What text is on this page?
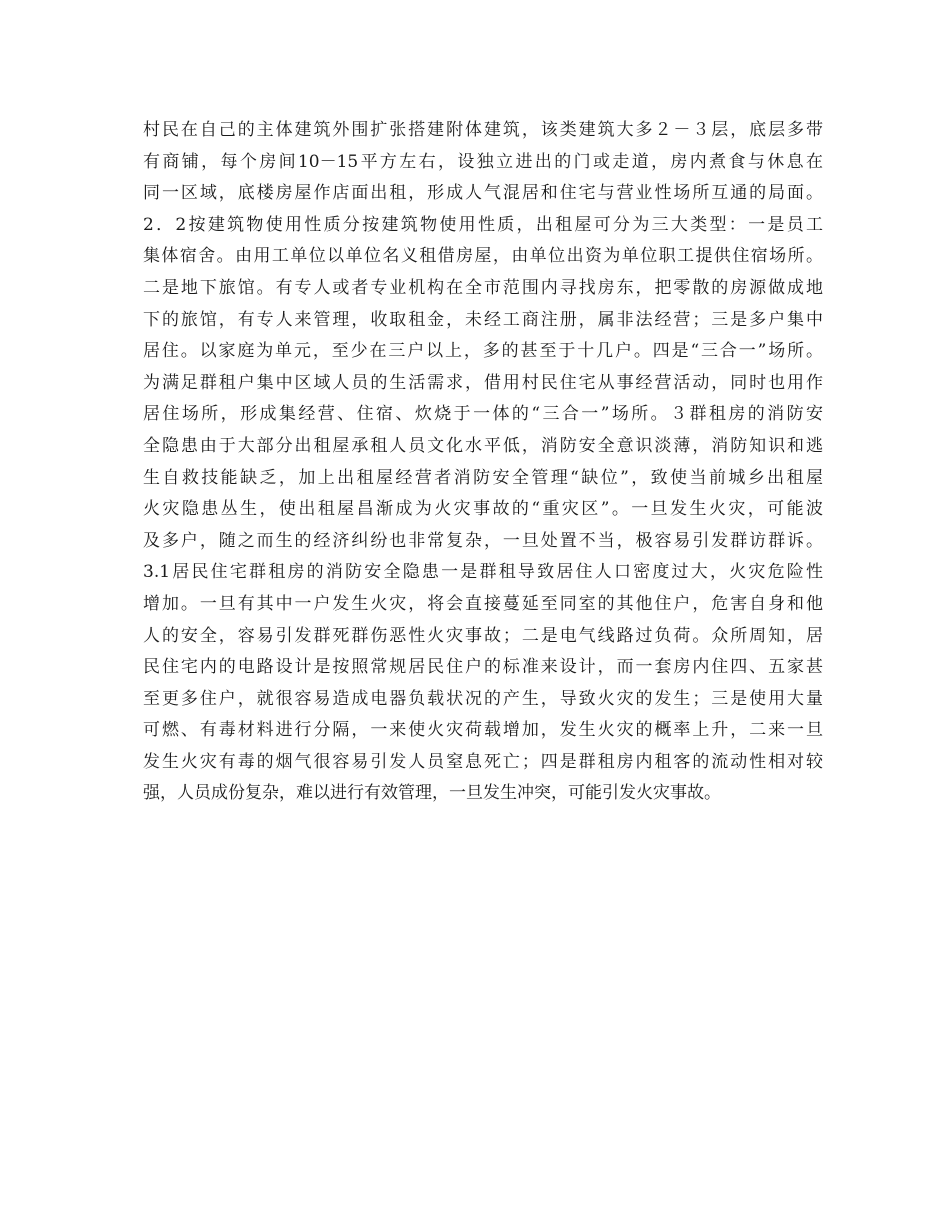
村民在自己的主体建筑外围扩张搭建附体建筑，该类建筑大多２－３层，底层多带
有商铺，每个房间10－15平方左右，设独立进出的门或走道，房内煮食与休息在
同一区域，底楼房屋作店面出租，形成人气混居和住宅与营业性场所互通的局面。
2．2按建筑物使用性质分按建筑物使用性质，出租屋可分为三大类型：一是员工
集体宿舍。由用工单位以单位名义租借房屋，由单位出资为单位职工提供住宿场所。
二是地下旅馆。有专人或者专业机构在全市范围内寻找房东，把零散的房源做成地
下的旅馆，有专人来管理，收取租金，未经工商注册，属非法经营；三是多户集中
居住。以家庭为单元，至少在三户以上，多的甚至于十几户。四是“三合一”场所。
为满足群租户集中区域人员的生活需求，借用村民住宅从事经营活动，同时也用作
居住场所，形成集经营、住宿、炊烧于一体的“三合一”场所。３群租房的消防安
全隐患由于大部分出租屋承租人员文化水平低，消防安全意识淡薄，消防知识和逃
生自救技能缺乏，加上出租屋经营者消防安全管理“缺位”，致使当前城乡出租屋
火灾隐患丛生，使出租屋昌渐成为火灾事故的“重灾区”。一旦发生火灾，可能波
及多户，随之而生的经济纠纷也非常复杂，一旦处置不当，极容易引发群访群诉。
3.1居民住宅群租房的消防安全隐患一是群租导致居住人口密度过大，火灾危险性
增加。一旦有其中一户发生火灾，将会直接蔓延至同室的其他住户，危害自身和他
人的安全，容易引发群死群伤恶性火灾事故；二是电气线路过负荷。众所周知，居
民住宅内的电路设计是按照常规居民住户的标准来设计，而一套房内住四、五家甚
至更多住户，就很容易造成电器负载状况的产生，导致火灾的发生；三是使用大量
可燃、有毒材料进行分隔，一来使火灾荷载增加，发生火灾的概率上升，二来一旦
发生火灾有毒的烟气很容易引发人员窒息死亡；四是群租房内租客的流动性相对较
强，人员成份复杂，难以进行有效管理，一旦发生冲突，可能引发火灾事故。
